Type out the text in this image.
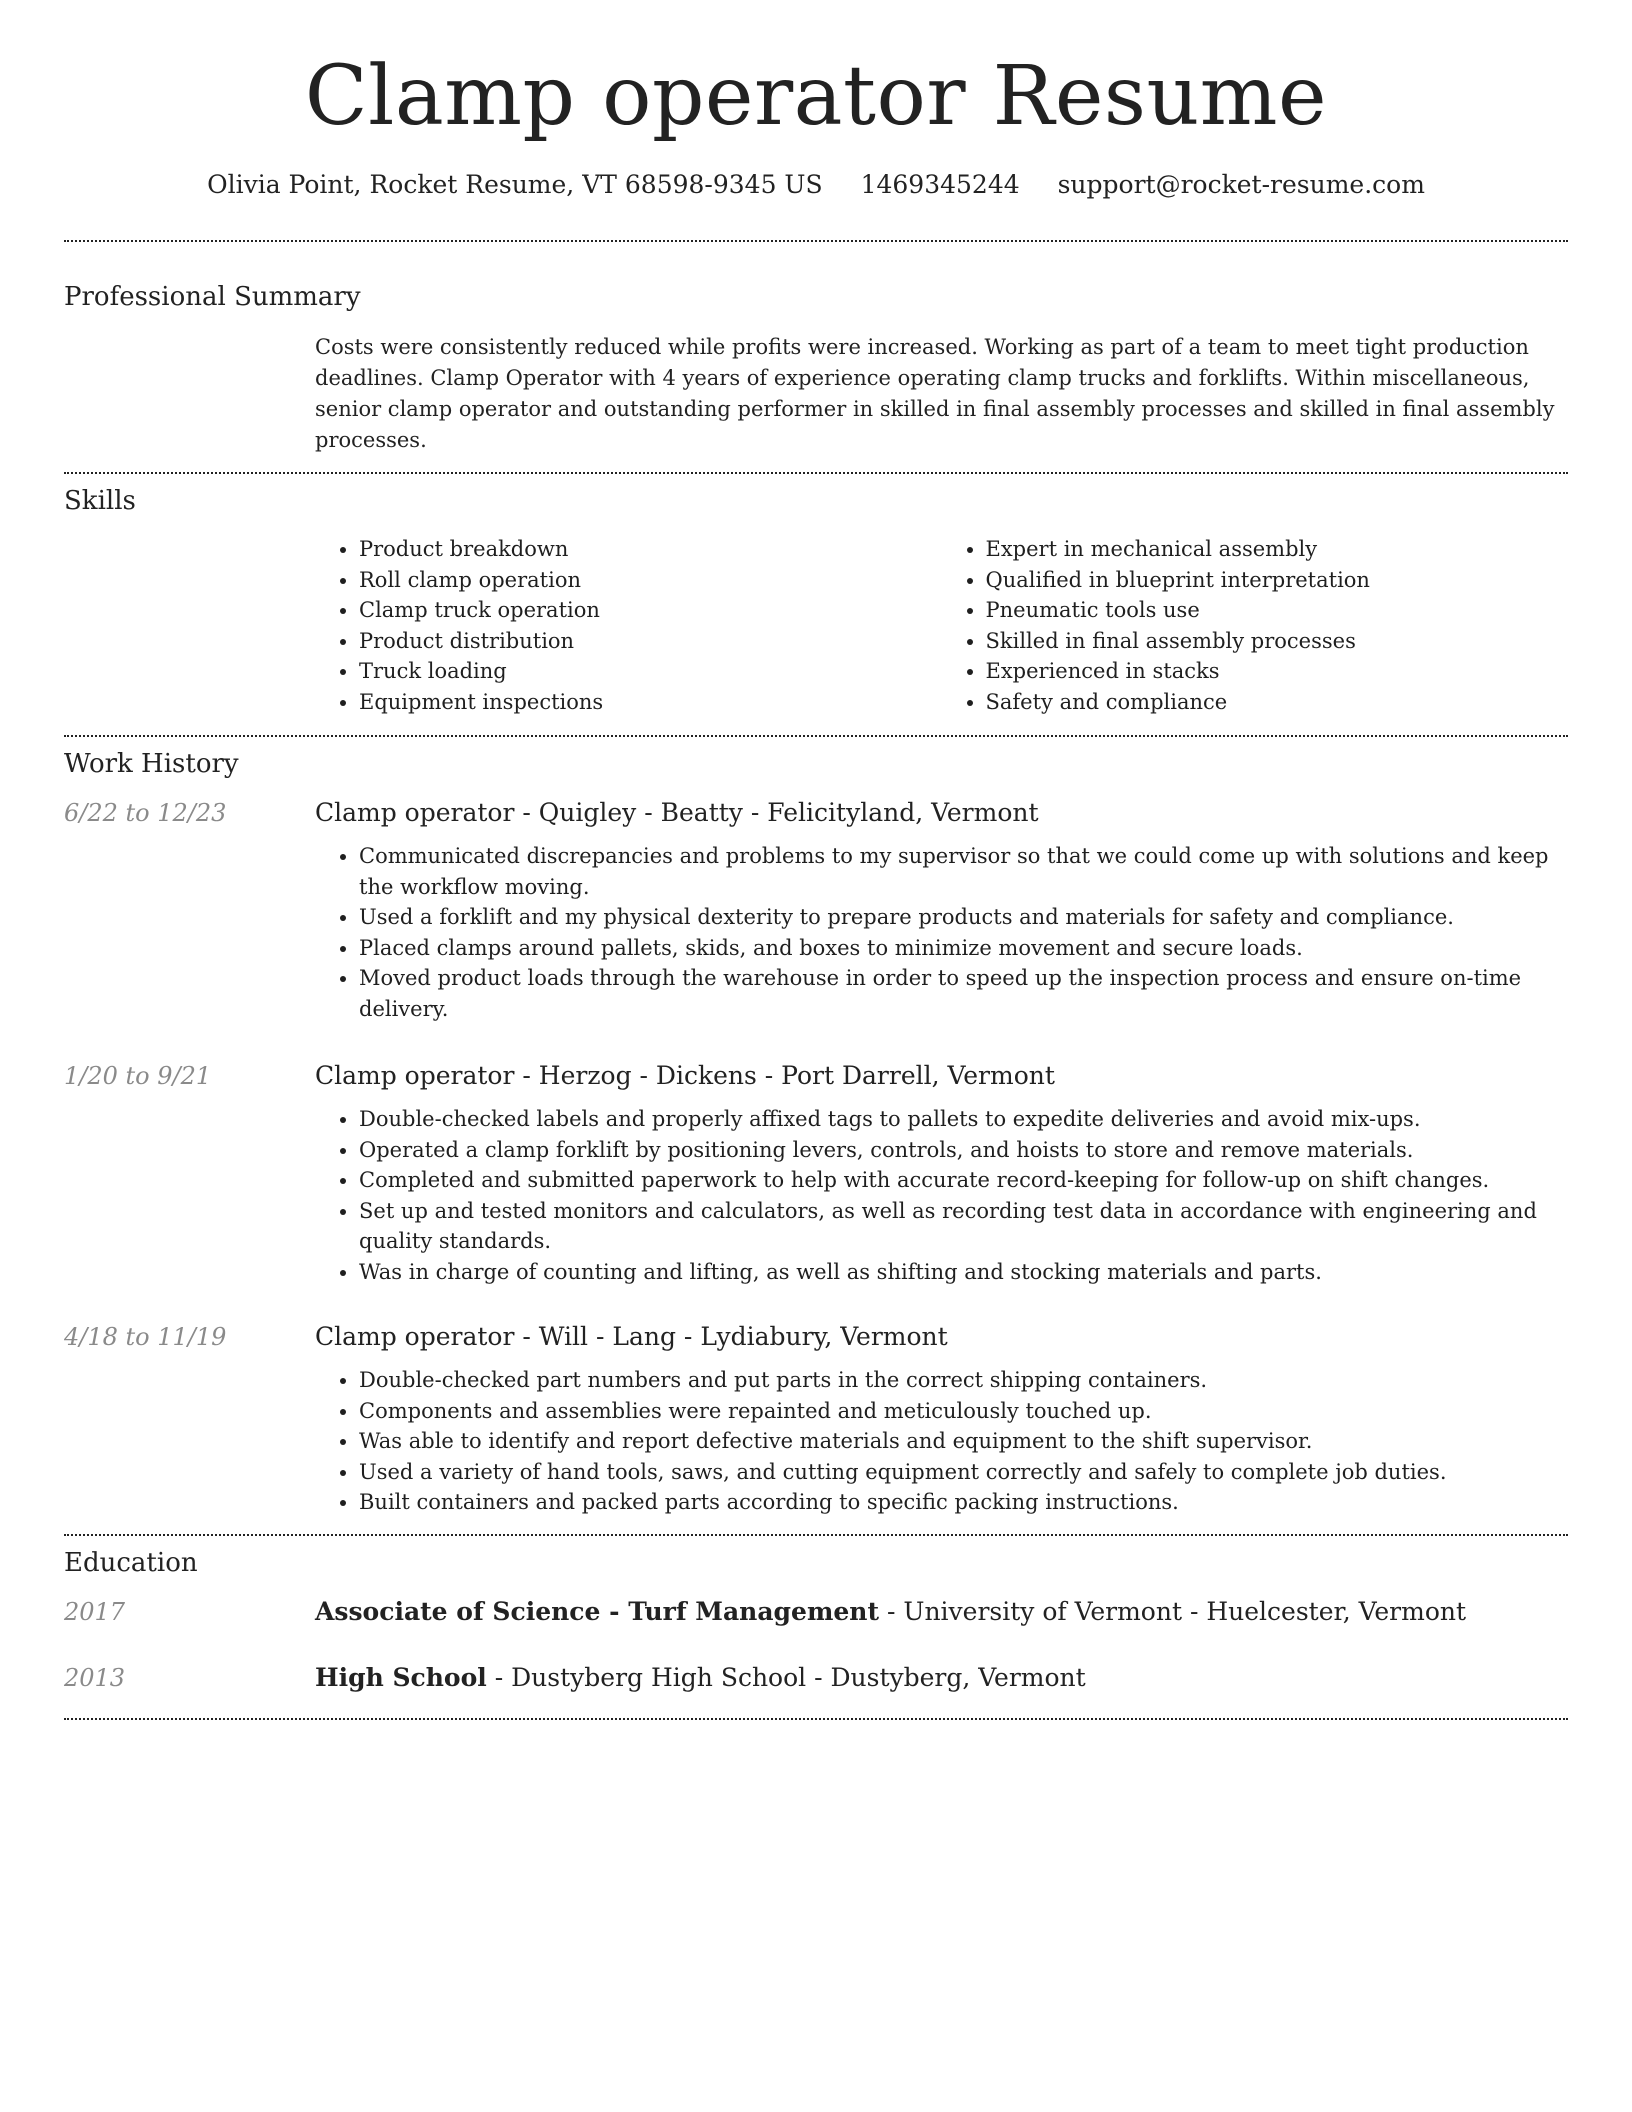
Clamp operator Resume
Olivia Point, Rocket Resume, VT 68598-9345 US 1469345244 support@rocket-resume.com
Professional Summary

Costs were consistently reduced while profits were increased. Working as part of a team to meet tight production deadlines. Clamp Operator with 4 years of experience operating clamp trucks and forklifts. Within miscellaneous, senior clamp operator and outstanding performer in skilled in final assembly processes and skilled in final assembly processes.

Skills
• Product breakdown
• Roll clamp operation
• Clamp truck operation
• Product distribution
• Truck loading
• Equipment inspections
• Expert in mechanical assembly
• Qualified in blueprint interpretation
• Pneumatic tools use
• Skilled in final assembly processes
• Experienced in stacks
• Safety and compliance
Work History
6/22 to 12/23	Clamp operator - Quigley - Beatty - Felicityland, Vermont
• Communicated discrepancies and problems to my supervisor so that we could come up with solutions and keep the workflow moving.
• Used a forklift and my physical dexterity to prepare products and materials for safety and compliance.
• Placed clamps around pallets, skids, and boxes to minimize movement and secure loads.
• Moved product loads through the warehouse in order to speed up the inspection process and ensure on-time delivery.
1/20 to 9/21	Clamp operator - Herzog - Dickens - Port Darrell, Vermont
• Double-checked labels and properly affixed tags to pallets to expedite deliveries and avoid mix-ups.
• Operated a clamp forklift by positioning levers, controls, and hoists to store and remove materials.
• Completed and submitted paperwork to help with accurate record-keeping for follow-up on shift changes.
• Set up and tested monitors and calculators, as well as recording test data in accordance with engineering and quality standards.
• Was in charge of counting and lifting, as well as shifting and stocking materials and parts.
4/18 to 11/19	Clamp operator - Will - Lang - Lydiabury, Vermont
• Double-checked part numbers and put parts in the correct shipping containers.
• Components and assemblies were repainted and meticulously touched up.
• Was able to identify and report defective materials and equipment to the shift supervisor.
• Used a variety of hand tools, saws, and cutting equipment correctly and safely to complete job duties.
• Built containers and packed parts according to specific packing instructions.
Education
2017	Associate of Science - Turf Management - University of Vermont - Huelcester, Vermont
2013	High School - Dustyberg High School - Dustyberg, Vermont
